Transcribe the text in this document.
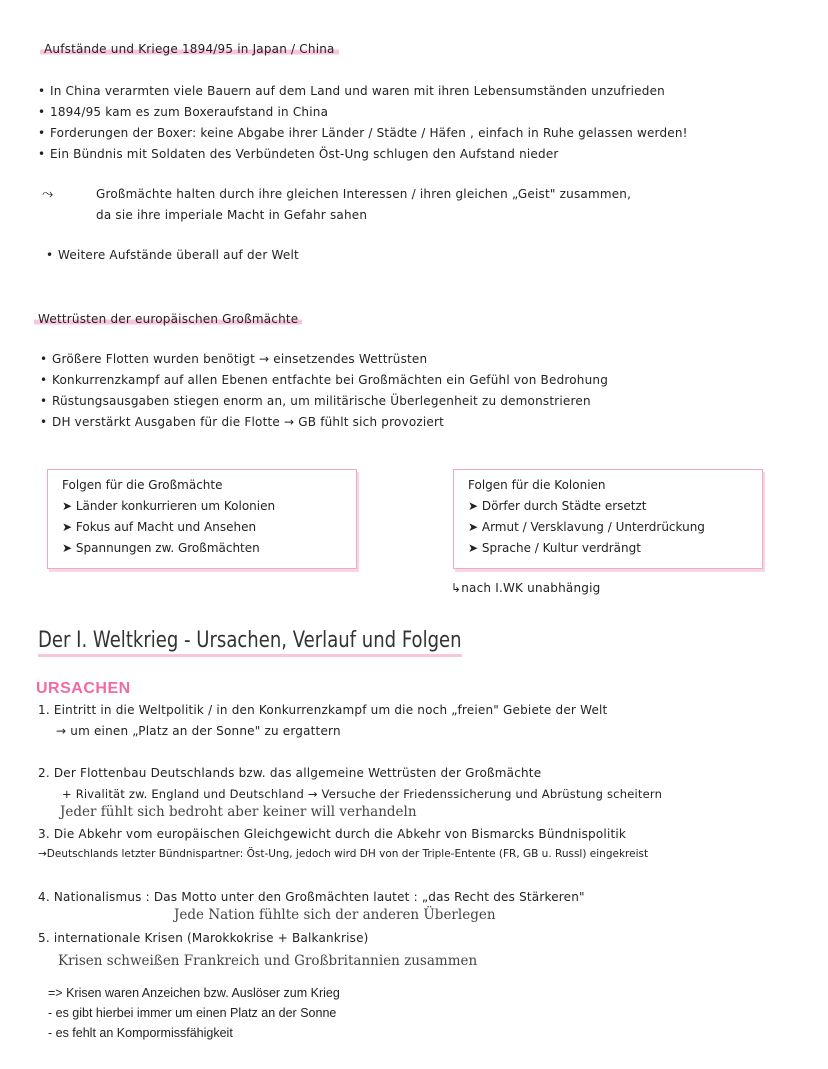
Aufstände und Kriege 1894/95 in Japan / China
• In China verarmten viele Bauern auf dem Land und waren mit ihren Lebensumständen unzufrieden
• 1894/95 kam es zum Boxeraufstand in China
• Forderungen der Boxer: keine Abgabe ihrer Länder / Städte / Häfen , einfach in Ruhe gelassen werden!
• Ein Bündnis mit Soldaten des Verbündeten Öst-Ung schlugen den Aufstand nieder
⤳	Großmächte halten durch ihre gleichen Interessen / ihren gleichen „Geist" zusammen,
da sie ihre imperiale Macht in Gefahr sahen
• Weitere Aufstände überall auf der Welt
Wettrüsten der europäischen Großmächte
• Größere Flotten wurden benötigt → einsetzendes Wettrüsten
• Konkurrenzkampf auf allen Ebenen entfachte bei Großmächten ein Gefühl von Bedrohung
• Rüstungsausgaben stiegen enorm an, um militärische Überlegenheit zu demonstrieren
• DH verstärkt Ausgaben für die Flotte → GB fühlt sich provoziert
Folgen für die Großmächte
➤ Länder konkurrieren um Kolonien
➤ Fokus auf Macht und Ansehen
➤ Spannungen zw. Großmächten
Folgen für die Kolonien
➤ Dörfer durch Städte ersetzt
➤ Armut / Versklavung / Unterdrückung
➤ Sprache / Kultur verdrängt
↳nach I.WK unabhängig
Der I. Weltkrieg - Ursachen, Verlauf und Folgen
URSACHEN
1. Eintritt in die Weltpolitik / in den Konkurrenzkampf um die noch „freien" Gebiete der Welt
→ um einen „Platz an der Sonne" zu ergattern
2. Der Flottenbau Deutschlands bzw. das allgemeine Wettrüsten der Großmächte
+ Rivalität zw. England und Deutschland → Versuche der Friedenssicherung und Abrüstung scheitern
Jeder fühlt sich bedroht aber keiner will verhandeln
3. Die Abkehr vom europäischen Gleichgewicht durch die Abkehr von Bismarcks Bündnispolitik
→Deutschlands letzter Bündnispartner: Öst-Ung, jedoch wird DH von der Triple-Entente (FR, GB u. Russl) eingekreist
4. Nationalismus : Das Motto unter den Großmächten lautet : „das Recht des Stärkeren"
Jede Nation fühlte sich der anderen Überlegen
5. internationale Krisen (Marokkokrise + Balkankrise)
Krisen schweißen Frankreich und Großbritannien zusammen
=> Krisen waren Anzeichen bzw. Auslöser zum Krieg
- es gibt hierbei immer um einen Platz an der Sonne
- es fehlt an Kompormissfähigkeit
